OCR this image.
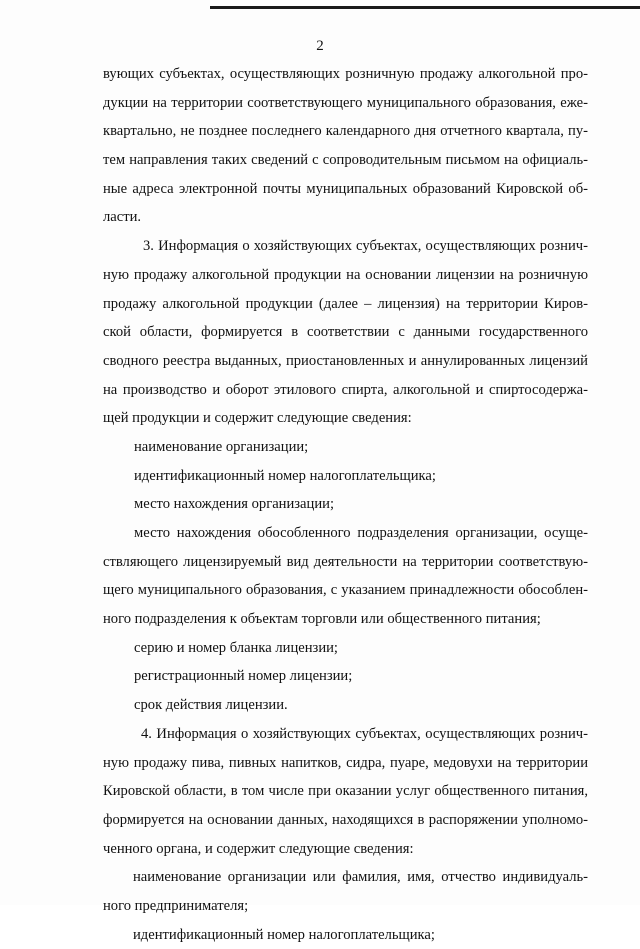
2
вующих субъектах, осуществляющих розничную продажу алкогольной про-
дукции на территории соответствующего муниципального образования, еже-
квартально, не позднее последнего календарного дня отчетного квартала, пу-
тем направления таких сведений с сопроводительным письмом на официаль-
ные адреса электронной почты муниципальных образований Кировской об-
ласти.
3. Информация о хозяйствующих субъектах, осуществляющих рознич-
ную продажу алкогольной продукции на основании лицензии на розничную
продажу алкогольной продукции (далее – лицензия) на территории Киров-
ской области, формируется в соответствии с данными государственного
сводного реестра выданных, приостановленных и аннулированных лицензий
на производство и оборот этилового спирта, алкогольной и спиртосодержа-
щей продукции и содержит следующие сведения:
наименование организации;
идентификационный номер налогоплательщика;
место нахождения организации;
место нахождения обособленного подразделения организации, осуще-
ствляющего лицензируемый вид деятельности на территории соответствую-
щего муниципального образования, с указанием принадлежности обособлен-
ного подразделения к объектам торговли или общественного питания;
серию и номер бланка лицензии;
регистрационный номер лицензии;
срок действия лицензии.
4. Информация о хозяйствующих субъектах, осуществляющих рознич-
ную продажу пива, пивных напитков, сидра, пуаре, медовухи на территории
Кировской области, в том числе при оказании услуг общественного питания,
формируется на основании данных, находящихся в распоряжении уполномо-
ченного органа, и содержит следующие сведения:
наименование организации или фамилия, имя, отчество индивидуаль-
ного предпринимателя;
идентификационный номер налогоплательщика;
